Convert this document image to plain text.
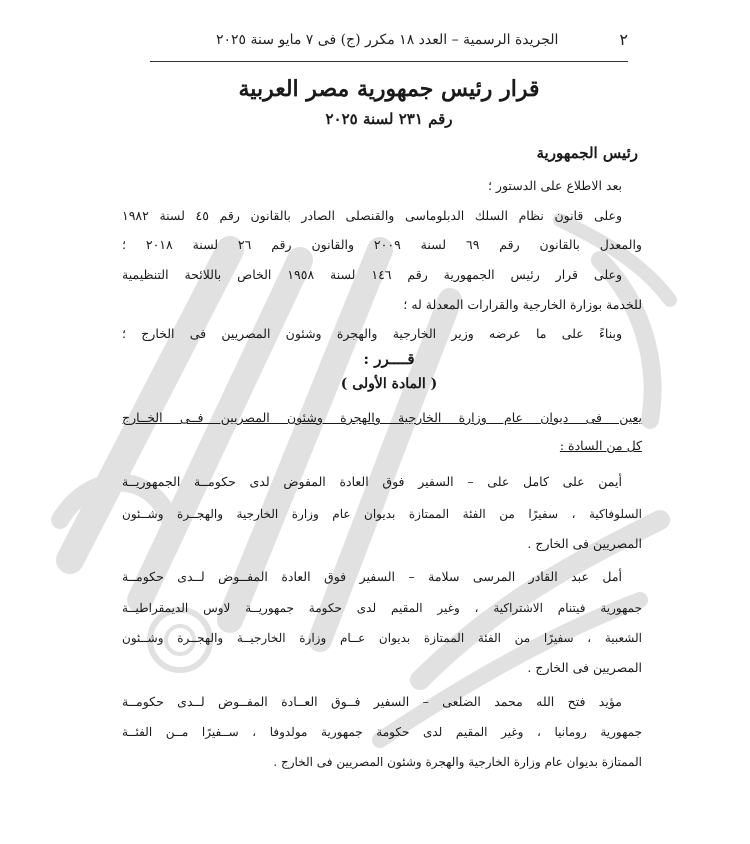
٢
الجريدة الرسمية – العدد ١٨ مكرر (ج) فى ٧ مايو سنة ٢٠٢٥
قرار رئيس جمهورية مصر العربية
رقم ٢٣١ لسنة ٢٠٢٥
رئيس الجمهورية
بعد الاطلاع على الدستور ؛
وعلى قانون نظام السلك الدبلوماسى والقنصلى الصادر بالقانون رقم ٤٥ لسنة ١٩٨٢
والمعدل بالقانون رقم ٦٩ لسنة ٢٠٠٩ والقانون رقم ٢٦ لسنة ٢٠١٨ ؛
وعلى قرار رئيس الجمهورية رقم ١٤٦ لسنة ١٩٥٨ الخاص باللائحة التنظيمية
للخدمة بوزارة الخارجية والقرارات المعدلة له ؛
وبناءً على ما عرضه وزير الخارجية والهجرة وشئون المصريين فى الخارج ؛
قــــرر :
( المادة الأولى )
يعين فى ديوان عام وزارة الخارجية والهجرة وشئون المصريين فــى الخــارج
كل من السادة :
أيمن على كامل على – السفير فوق العادة المفوض لدى حكومــة الجمهوريــة
السلوفاكية ، سفيرًا من الفئة الممتازة بديوان عام وزارة الخارجية والهجــرة وشــئون
المصريين فى الخارج .
أمل عبد القادر المرسى سلامة – السفير فوق العادة المفــوض لــدى حكومــة
جمهورية فيتنام الاشتراكية ، وغير المقيم لدى حكومة جمهوريــة لاوس الديمقراطيــة
الشعبية ، سفيرًا من الفئة الممتازة بديوان عــام وزارة الخارجيــة والهجــرة وشــئون
المصريين فى الخارج .
مؤيد فتح الله محمد الضلعى – السفير فــوق العــادة المفــوض لــدى حكومــة
جمهورية رومانيا ، وغير المقيم لدى حكومة جمهورية مولدوفا ، ســفيرًا مــن الفئــة
الممتازة بديوان عام وزارة الخارجية والهجرة وشئون المصريين فى الخارج .
